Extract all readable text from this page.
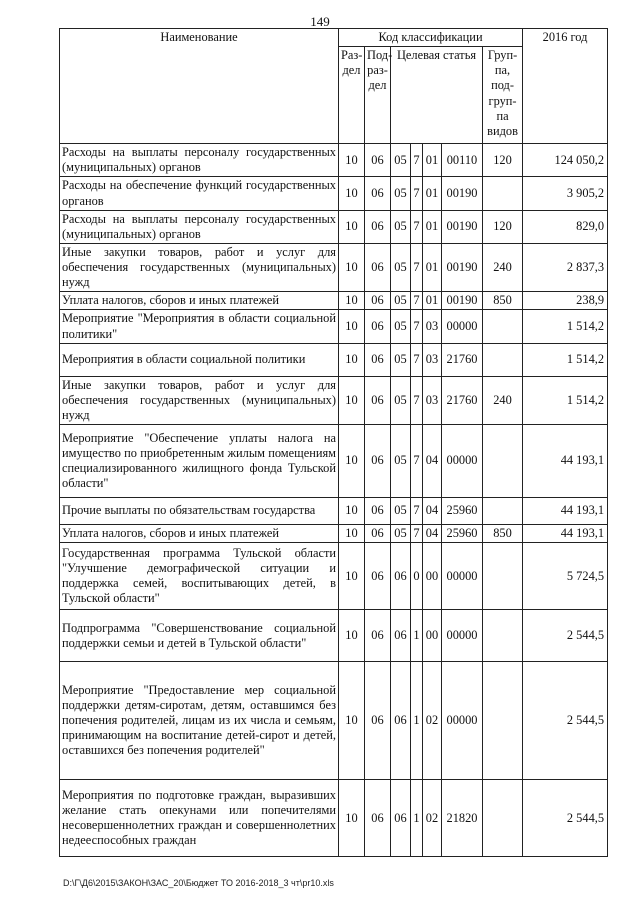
149
Наименование	Код классификации							2016 год
	Раз-дел	Под-раз-дел	Целевая статья				Груп-па, под-груп-па видов	
Расходы на выплаты персоналу государственных (муниципальных) органов	10	06	05	7	01	00110	120	124 050,2
Расходы на обеспечение функций государственных органов	10	06	05	7	01	00190		3 905,2
Расходы на выплаты персоналу государственных (муниципальных) органов	10	06	05	7	01	00190	120	829,0
Иные закупки товаров, работ и услуг для обеспечения государственных (муниципальных) нужд	10	06	05	7	01	00190	240	2 837,3
Уплата налогов, сборов и иных платежей	10	06	05	7	01	00190	850	238,9
Мероприятие "Мероприятия в области социальной политики"	10	06	05	7	03	00000		1 514,2
Мероприятия в области социальной политики	10	06	05	7	03	21760		1 514,2
Иные закупки товаров, работ и услуг для обеспечения государственных (муниципальных) нужд	10	06	05	7	03	21760	240	1 514,2
Мероприятие "Обеспечение уплаты налога на имущество по приобретенным жилым помещениям специализированного жилищного фонда Тульской области"	10	06	05	7	04	00000		44 193,1
Прочие выплаты по обязательствам государства	10	06	05	7	04	25960		44 193,1
Уплата налогов, сборов и иных платежей	10	06	05	7	04	25960	850	44 193,1
Государственная программа Тульской области "Улучшение демографической ситуации и поддержка семей, воспитывающих детей, в Тульской области"	10	06	06	0	00	00000		5 724,5
Подпрограмма "Совершенствование социальной поддержки семьи и детей в Тульской области"	10	06	06	1	00	00000		2 544,5
Мероприятие "Предоставление мер социальной поддержки детям-сиротам, детям, оставшимся без попечения родителей, лицам из их числа и семьям, принимающим на воспитание детей-сирот и детей, оставшихся без попечения родителей"	10	06	06	1	02	00000		2 544,5
Мероприятия по подготовке граждан, выразивших желание стать опекунами или попечителями несовершеннолетних граждан и совершеннолетних недееспособных граждан	10	06	06	1	02	21820		2 544,5
D:\Г\Д6\2015\ЗАКОН\ЗАС_20\Бюджет ТО 2016-2018_3 чт\pr10.xls
